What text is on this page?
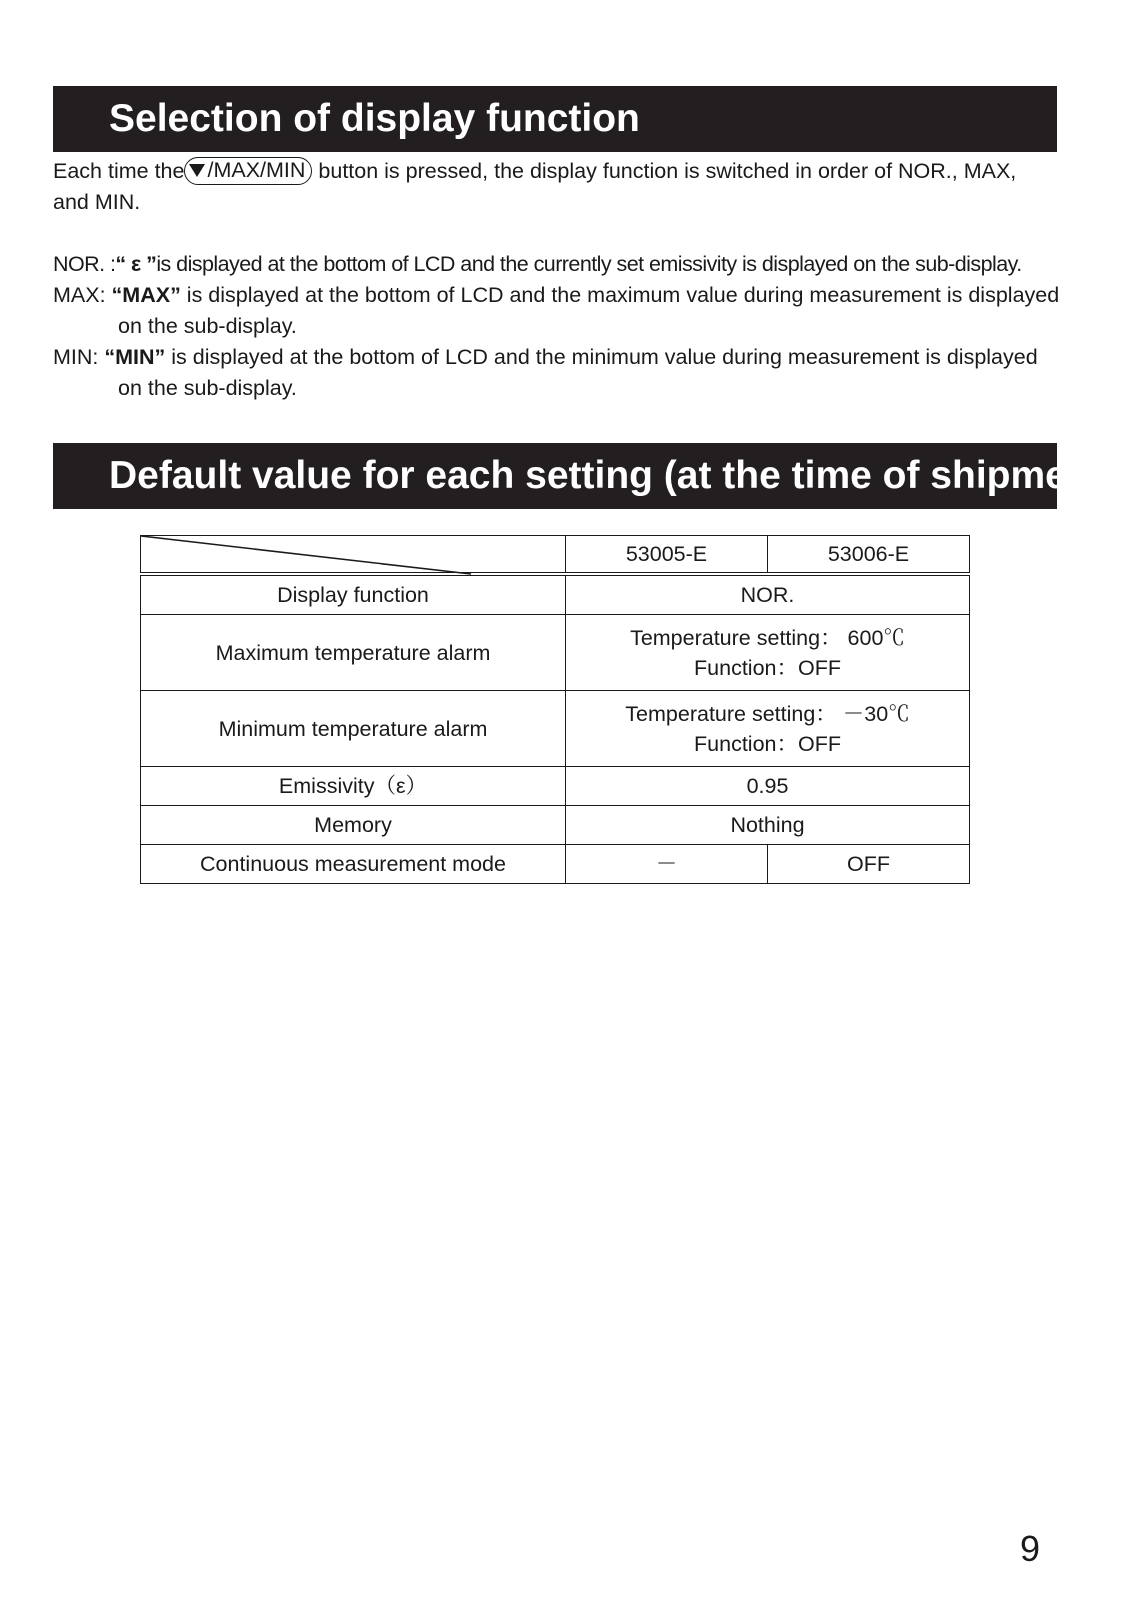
Selection of display function

Each time the /MAX/MIN button is pressed, the display function is switched in order of NOR., MAX,

and MIN.

NOR. :“ ε ”is displayed at the bottom of LCD and the currently set emissivity is displayed on the sub-display.

MAX: “MAX” is displayed at the bottom of LCD and the maximum value during measurement is displayed

on the sub-display.

MIN: “MIN” is displayed at the bottom of LCD and the minimum value during measurement is displayed

on the sub-display.

Default value for each setting (at the time of shipment)
	53005-E	53006-E
Display function	NOR.	
Maximum temperature alarm	Temperature setting： 600℃
Function：OFF	

Minimum temperature alarm	Temperature setting： －30℃
Function：OFF	

Emissivity（ε）	0.95	
Memory	Nothing	
Continuous measurement mode	－	OFF
9
